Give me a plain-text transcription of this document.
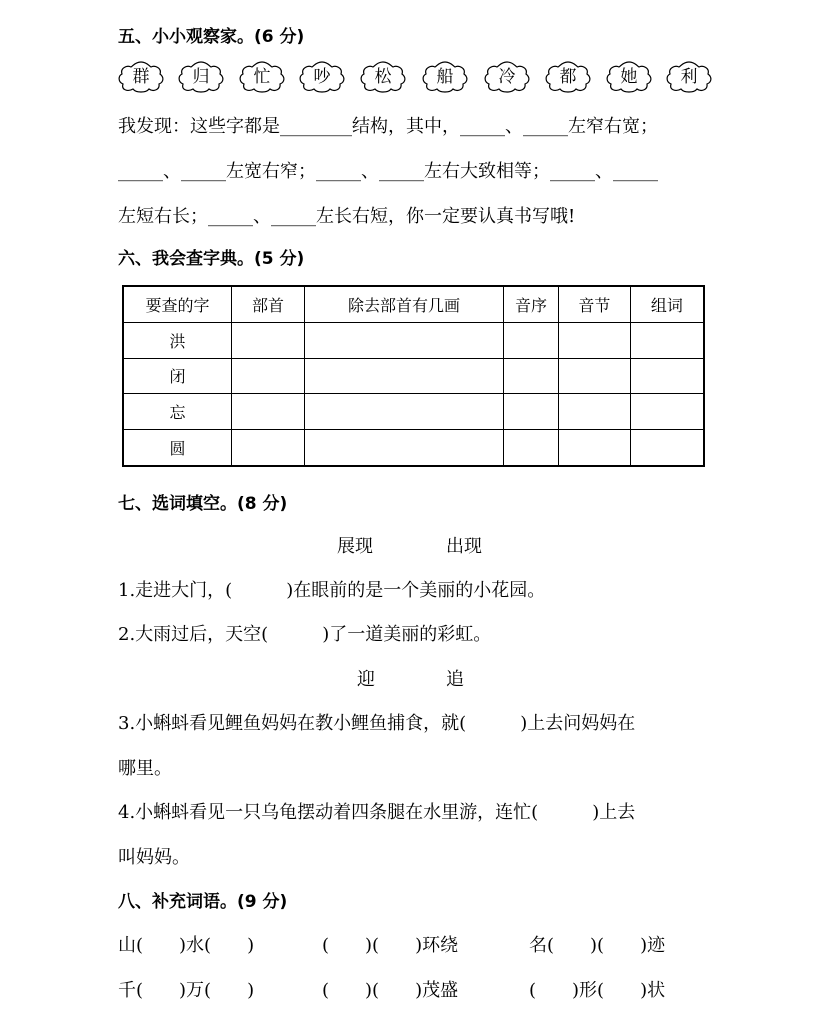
五、小小观察家。(6 分)
群	归	忙	吵	松	船	冷	都	她	利
我发现：这些字都是________结构，其中，_____、_____左窄右宽；
_____、_____左宽右窄；_____、_____左右大致相等；_____、_____
左短右长；_____、_____左长右短，你一定要认真书写哦!
六、我会查字典。(5 分)
要查的字	部首	除去部首有几画	音序	音节	组词
洪					
闭					
忘					
圆					
七、选词填空。(8 分)
展现	出现
1.走进大门，(　　　)在眼前的是一个美丽的小花园。
2.大雨过后，天空(　　　)了一道美丽的彩虹。
迎	追
3.小蝌蚪看见鲤鱼妈妈在教小鲤鱼捕食，就(　　　)上去问妈妈在
哪里。
4.小蝌蚪看见一只乌龟摆动着四条腿在水里游，连忙(　　　)上去
叫妈妈。
八、补充词语。(9 分)
山(　　)水(　　)	(　　)(　　)环绕	名(　　)(　　)迹
千(　　)万(　　)	(　　)(　　)茂盛	(　　)形(　　)状
